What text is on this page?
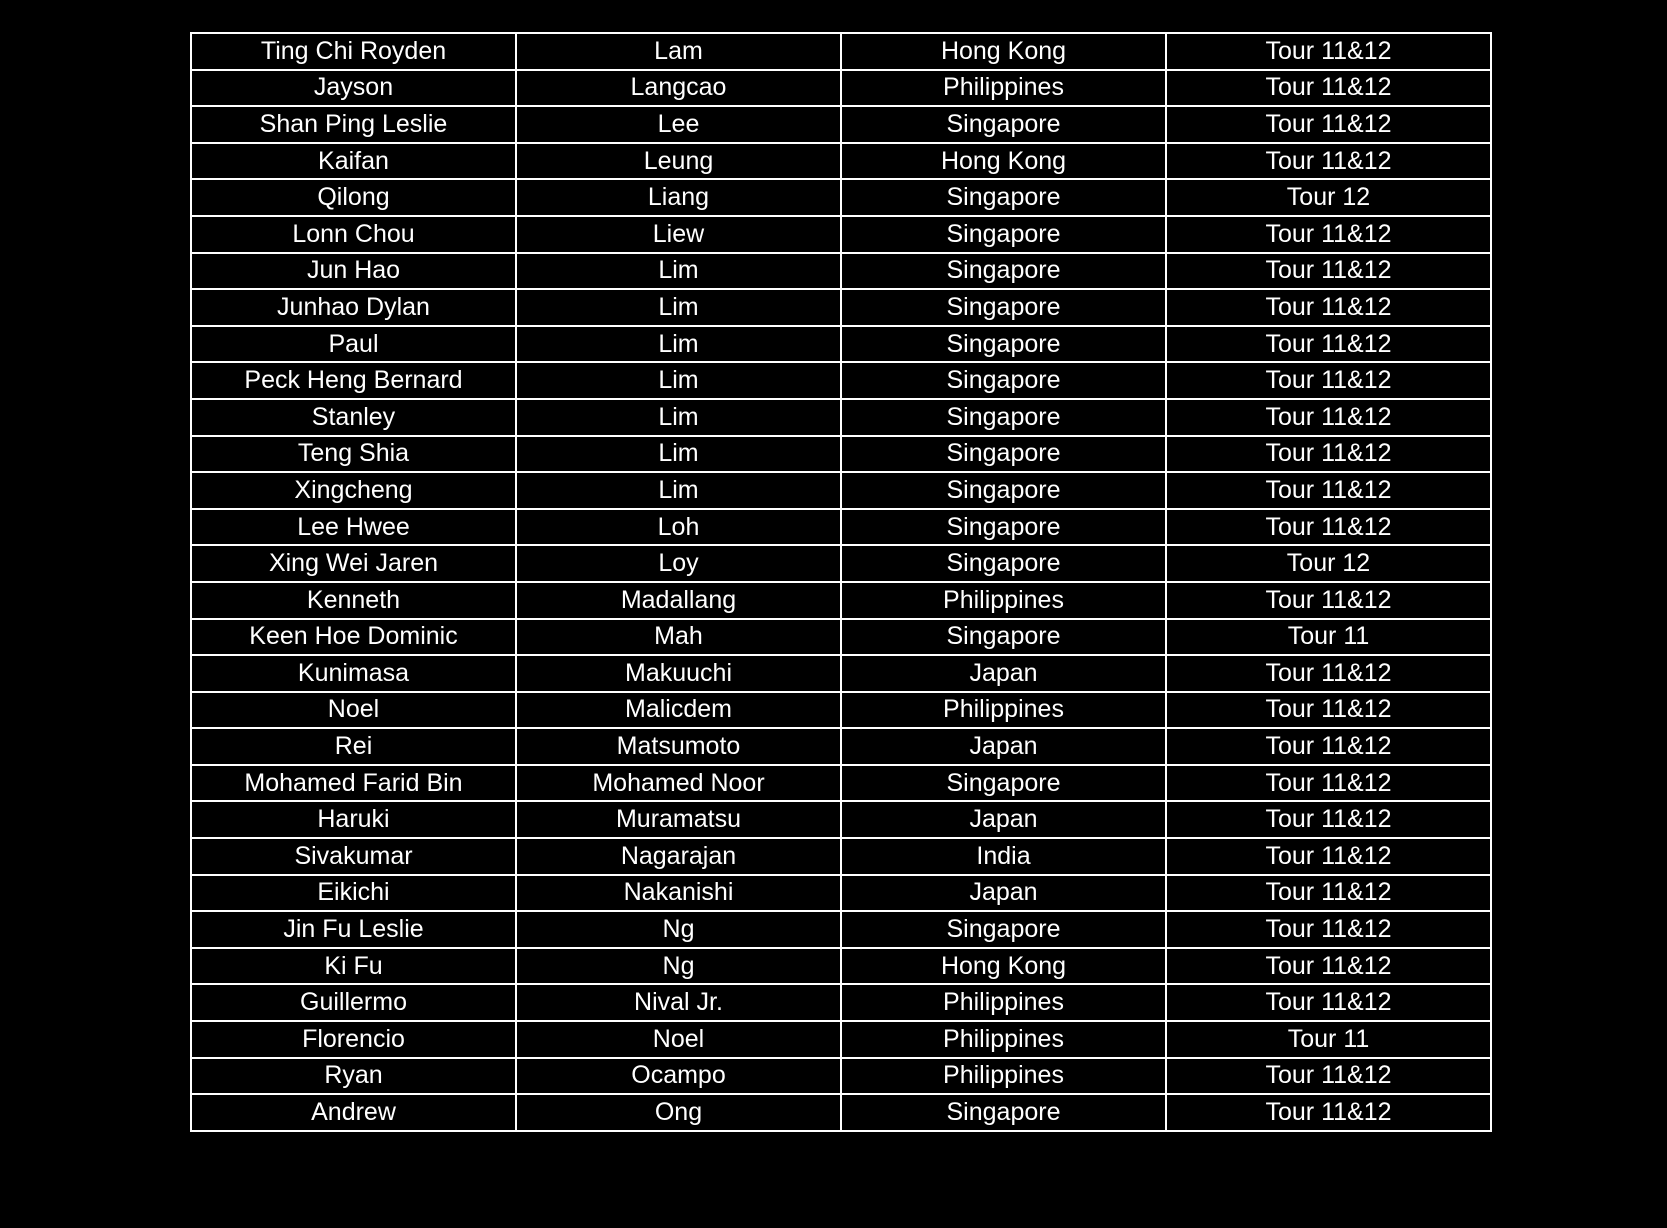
Ting Chi Royden	Lam	Hong Kong	Tour 11&12
Jayson	Langcao	Philippines	Tour 11&12
Shan Ping Leslie	Lee	Singapore	Tour 11&12
Kaifan	Leung	Hong Kong	Tour 11&12
Qilong	Liang	Singapore	Tour 12
Lonn Chou	Liew	Singapore	Tour 11&12
Jun Hao	Lim	Singapore	Tour 11&12
Junhao Dylan	Lim	Singapore	Tour 11&12
Paul	Lim	Singapore	Tour 11&12
Peck Heng Bernard	Lim	Singapore	Tour 11&12
Stanley	Lim	Singapore	Tour 11&12
Teng Shia	Lim	Singapore	Tour 11&12
Xingcheng	Lim	Singapore	Tour 11&12
Lee Hwee	Loh	Singapore	Tour 11&12
Xing Wei Jaren	Loy	Singapore	Tour 12
Kenneth	Madallang	Philippines	Tour 11&12
Keen Hoe Dominic	Mah	Singapore	Tour 11
Kunimasa	Makuuchi	Japan	Tour 11&12
Noel	Malicdem	Philippines	Tour 11&12
Rei	Matsumoto	Japan	Tour 11&12
Mohamed Farid Bin	Mohamed Noor	Singapore	Tour 11&12
Haruki	Muramatsu	Japan	Tour 11&12
Sivakumar	Nagarajan	India	Tour 11&12
Eikichi	Nakanishi	Japan	Tour 11&12
Jin Fu Leslie	Ng	Singapore	Tour 11&12
Ki Fu	Ng	Hong Kong	Tour 11&12
Guillermo	Nival Jr.	Philippines	Tour 11&12
Florencio	Noel	Philippines	Tour 11
Ryan	Ocampo	Philippines	Tour 11&12
Andrew	Ong	Singapore	Tour 11&12
